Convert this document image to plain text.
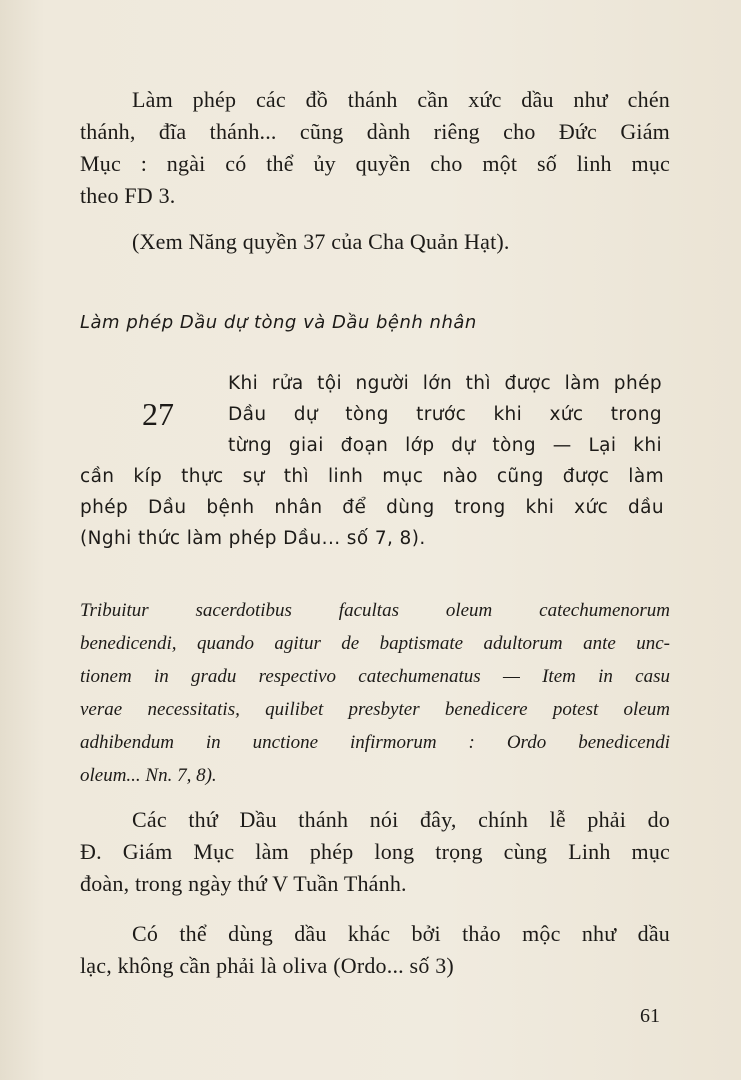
Làm phép các đồ thánh cần xức dầu như chén
thánh, đĩa thánh... cũng dành riêng cho Đức Giám
Mục : ngài có thể ủy quyền cho một số linh mục
theo FD 3.

(Xem Năng quyền 37 của Cha Quản Hạt).

Làm phép Dầu dự tòng và Dầu bệnh nhân
27
Khi rửa tội người lớn thì được làm phép
Dầu dự tòng trước khi xức trong
từng giai đoạn lớp dự tòng — Lại khi
cần kíp thực sự thì linh mục nào cũng được làm
phép Dầu bệnh nhân để dùng trong khi xức dầu
(Nghi thức làm phép Dầu... số 7, 8).
Tribuitur sacerdotibus facultas oleum catechumenorum
benedicendi, quando agitur de baptismate adultorum ante unc-
tionem in gradu respectivo catechumenatus — Item in casu
verae necessitatis, quilibet presbyter benedicere potest oleum
adhibendum in unctione infirmorum : Ordo benedicendi
oleum... Nn. 7, 8).

Các thứ Dầu thánh nói đây, chính lễ phải do
Đ. Giám Mục làm phép long trọng cùng Linh mục
đoàn, trong ngày thứ V Tuần Thánh.

Có thể dùng dầu khác bởi thảo mộc như dầu
lạc, không cần phải là oliva (Ordo... số 3)

61
